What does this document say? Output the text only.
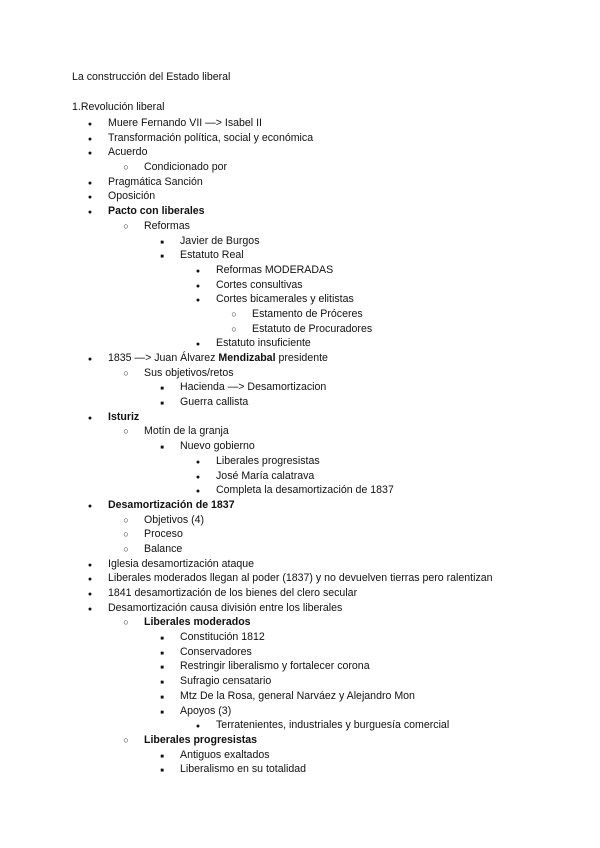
La construcción del Estado liberal
1.Revolución liberal
●
Muere Fernando VII —> Isabel II
●
Transformación política, social y económica
●
Acuerdo
○
Condicionado por
●
Pragmática Sanción
●
Oposición
●
Pacto con liberales
○
Reformas
■
Javier de Burgos
■
Estatuto Real
●
Reformas MODERADAS
●
Cortes consultivas
●
Cortes bicamerales y elitistas
○
Estamento de Próceres
○
Estatuto de Procuradores
●
Estatuto insuficiente
●
1835 —> Juan Álvarez Mendizabal presidente
○
Sus objetivos/retos
■
Hacienda —> Desamortizacion
■
Guerra callista
●
Isturiz
○
Motín de la granja
■
Nuevo gobierno
●
Liberales progresistas
●
José María calatrava
●
Completa la desamortización de 1837
●
Desamortización de 1837
○
Objetivos (4)
○
Proceso
○
Balance
●
Iglesia desamortización ataque
●
Liberales moderados llegan al poder (1837) y no devuelven tierras pero ralentizan
●
1841 desamortización de los bienes del clero secular
●
Desamortización causa división entre los liberales
○
Liberales moderados
■
Constitución 1812
■
Conservadores
■
Restringir liberalismo y fortalecer corona
■
Sufragio censatario
■
Mtz De la Rosa, general Narváez y Alejandro Mon
■
Apoyos (3)
●
Terratenientes, industriales y burguesía comercial
○
Liberales progresistas
■
Antiguos exaltados
■
Liberalismo en su totalidad
